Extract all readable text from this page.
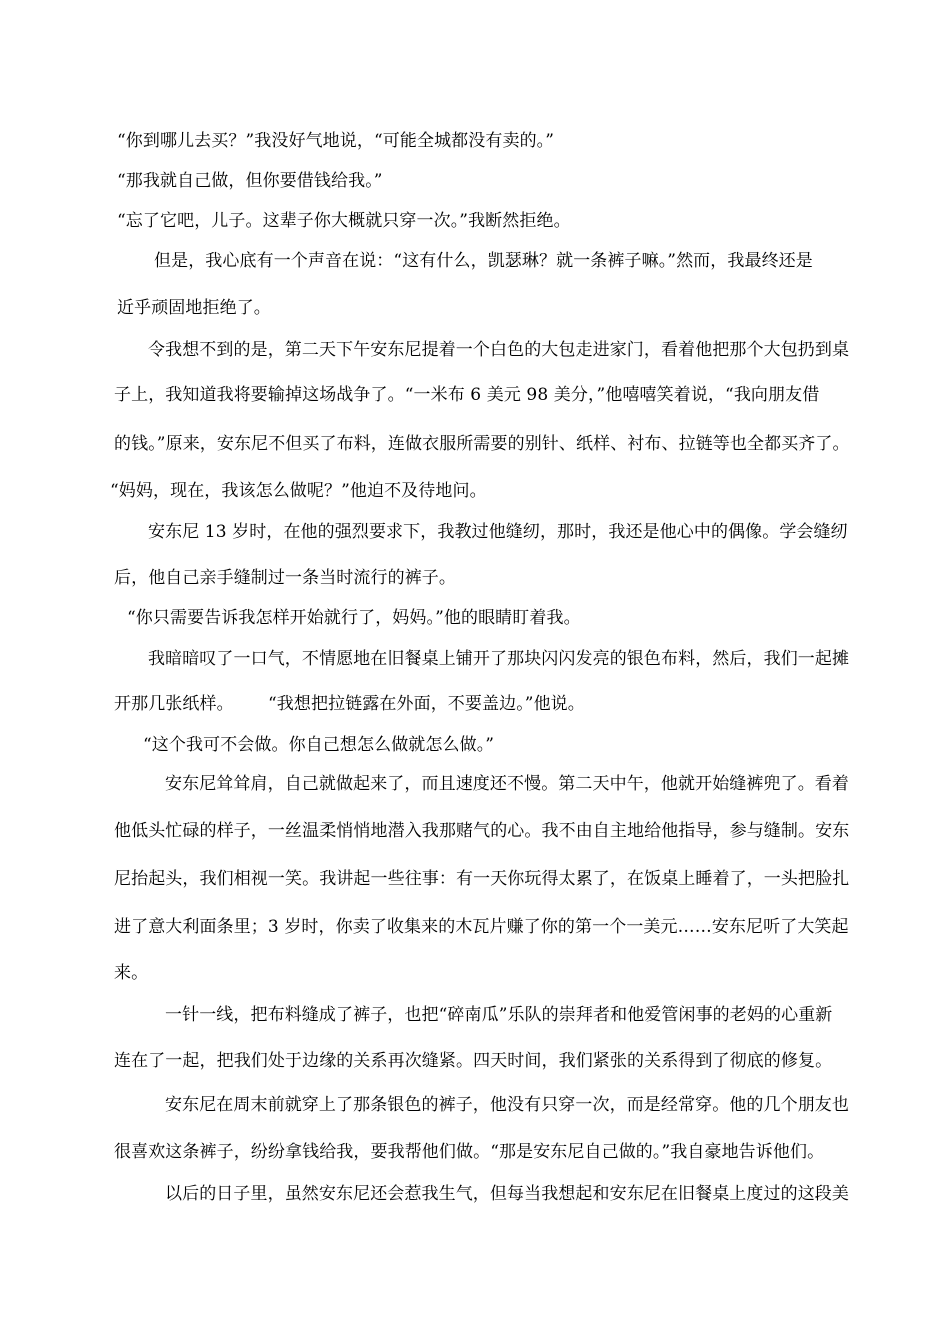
“你到哪儿去买？”我没好气地说，“可能全城都没有卖的。”
“那我就自己做，但你要借钱给我。”
“忘了它吧，儿子。这辈子你大概就只穿一次。”我断然拒绝。
但是，我心底有一个声音在说：“这有什么，凯瑟琳？就一条裤子嘛。”然而，我最终还是
近乎顽固地拒绝了。
令我想不到的是，第二天下午安东尼提着一个白色的大包走进家门，看着他把那个大包扔到桌
子上，我知道我将要输掉这场战争了。“一米布 6 美元 98 美分，”他嘻嘻笑着说，“我向朋友借
的钱。”原来，安东尼不但买了布料，连做衣服所需要的别针、纸样、衬布、拉链等也全都买齐了。
“妈妈，现在，我该怎么做呢？”他迫不及待地问。
安东尼 13 岁时，在他的强烈要求下，我教过他缝纫，那时，我还是他心中的偶像。学会缝纫
后，他自己亲手缝制过一条当时流行的裤子。
“你只需要告诉我怎样开始就行了，妈妈。”他的眼睛盯着我。
我暗暗叹了一口气，不情愿地在旧餐桌上铺开了那块闪闪发亮的银色布料，然后，我们一起摊
开那几张纸样。 “我想把拉链露在外面，不要盖边。”他说。
“这个我可不会做。你自己想怎么做就怎么做。”
安东尼耸耸肩，自己就做起来了，而且速度还不慢。第二天中午，他就开始缝裤兜了。看着
他低头忙碌的样子，一丝温柔悄悄地潜入我那赌气的心。我不由自主地给他指导，参与缝制。安东
尼抬起头，我们相视一笑。我讲起一些往事：有一天你玩得太累了，在饭桌上睡着了，一头把脸扎
进了意大利面条里；3 岁时，你卖了收集来的木瓦片赚了你的第一个一美元……安东尼听了大笑起
来。
一针一线，把布料缝成了裤子，也把“碎南瓜”乐队的崇拜者和他爱管闲事的老妈的心重新
连在了一起，把我们处于边缘的关系再次缝紧。四天时间，我们紧张的关系得到了彻底的修复。
安东尼在周末前就穿上了那条银色的裤子，他没有只穿一次，而是经常穿。他的几个朋友也
很喜欢这条裤子，纷纷拿钱给我，要我帮他们做。“那是安东尼自己做的。”我自豪地告诉他们。
以后的日子里，虽然安东尼还会惹我生气，但每当我想起和安东尼在旧餐桌上度过的这段美
